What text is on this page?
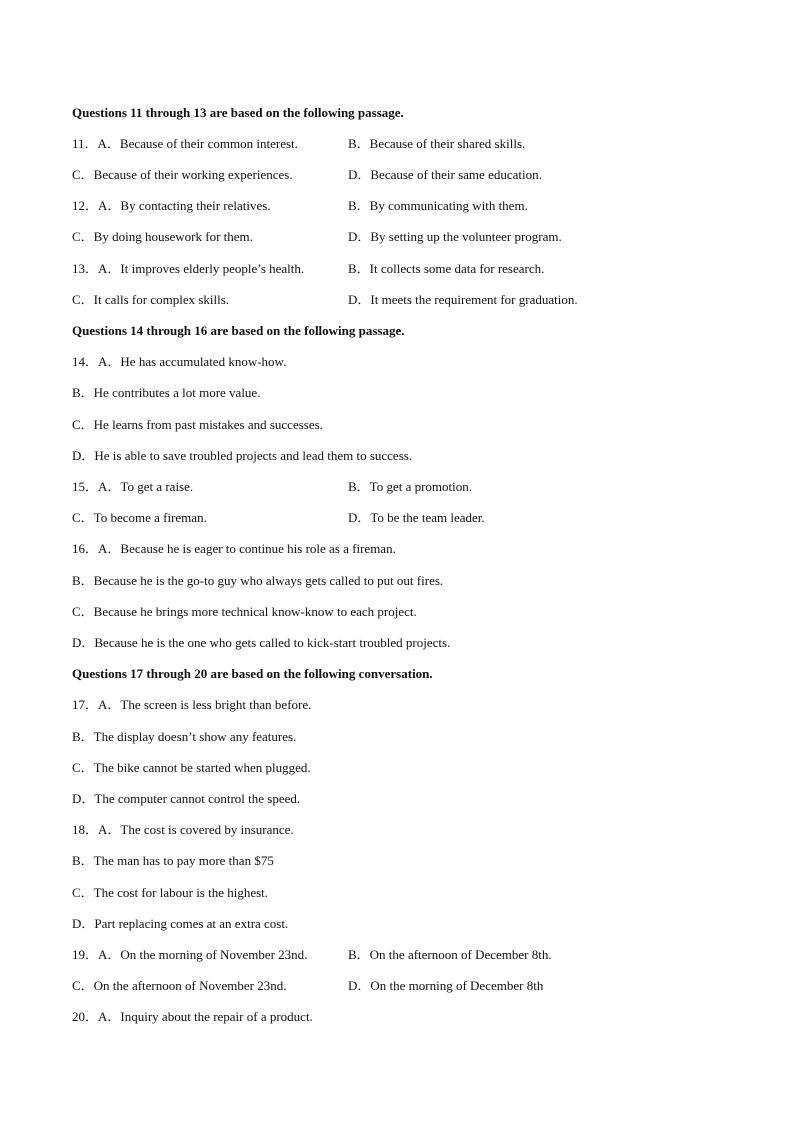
Questions 11 through 13 are based on the following passage.
11．A．Because of their common interest.	B．Because of their shared skills.
C．Because of their working experiences.	D．Because of their same education.
12．A．By contacting their relatives.	B．By communicating with them.
C．By doing housework for them.	D．By setting up the volunteer program.
13．A．It improves elderly people’s health.	B．It collects some data for research.
C．It calls for complex skills.	D．It meets the requirement for graduation.
Questions 14 through 16 are based on the following passage.
14．A．He has accumulated know-how.
B．He contributes a lot more value.
C．He learns from past mistakes and successes.
D．He is able to save troubled projects and lead them to success.
15．A．To get a raise.	B．To get a promotion.
C．To become a fireman.	D．To be the team leader.
16．A．Because he is eager to continue his role as a fireman.
B．Because he is the go-to guy who always gets called to put out fires.
C．Because he brings more technical know-know to each project.
D．Because he is the one who gets called to kick-start troubled projects.
Questions 17 through 20 are based on the following conversation.
17．A．The screen is less bright than before.
B．The display doesn’t show any features.
C．The bike cannot be started when plugged.
D．The computer cannot control the speed.
18．A．The cost is covered by insurance.
B．The man has to pay more than $75
C．The cost for labour is the highest.
D．Part replacing comes at an extra cost.
19．A．On the morning of November 23nd.	B．On the afternoon of December 8th.
C．On the afternoon of November 23nd.	D．On the morning of December 8th
20．A．Inquiry about the repair of a product.
